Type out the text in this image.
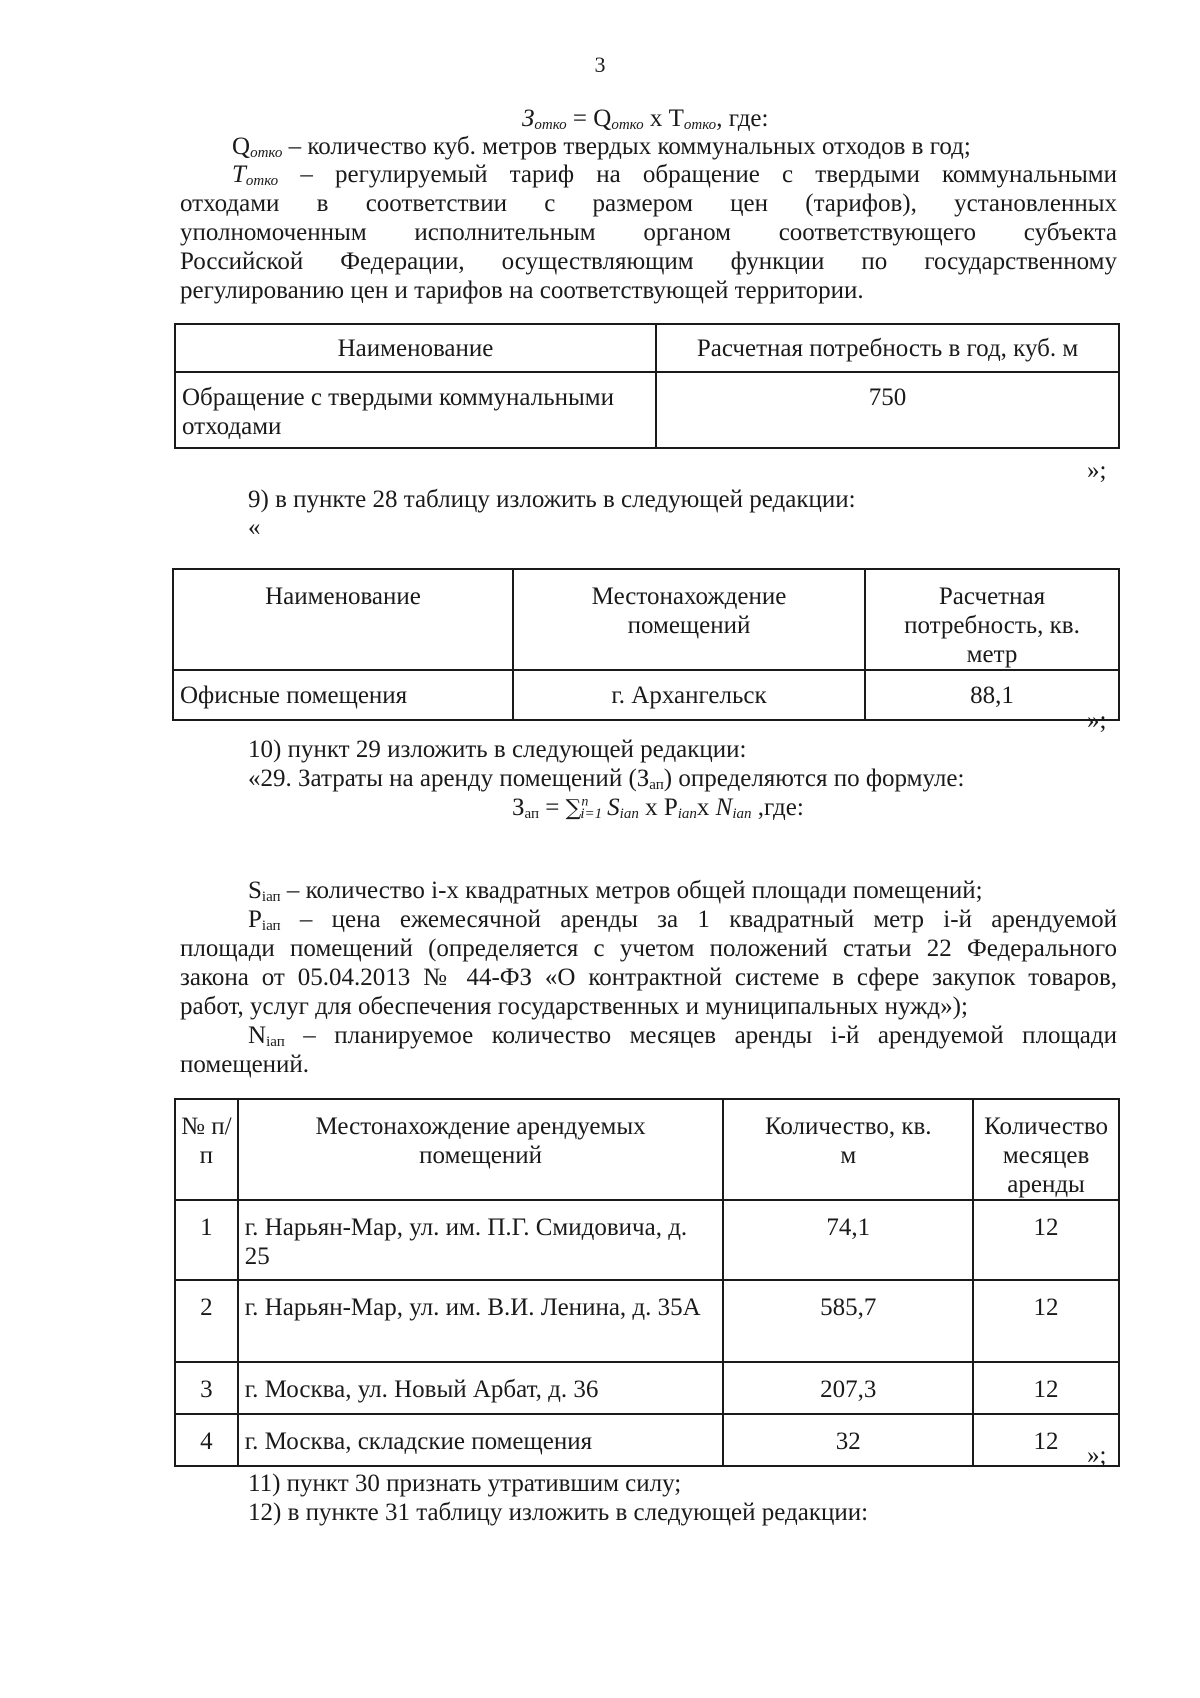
3
$З_{отко} = Q_{отко}$ х $Т_{отко}$, где:
$Q_{отко}$ – количество куб. метров твердых коммунальных отходов в год;
$Т_{отко}$ – регулируемый тариф на обращение с твердыми коммунальными
отходами в соответствии с размером цен (тарифов), установленных
уполномоченным исполнительным органом соответствующего субъекта
Российской Федерации, осуществляющим функции по государственному
регулированию цен и тарифов на соответствующей территории.
Наименование	Расчетная потребность в год, куб. м
Обращение с твердыми коммунальными отходами	750
»;
9) в пункте 28 таблицу изложить в следующей редакции:
«
Наименование	Местонахождение помещений	Расчетная потребность, кв. метр
Офисные помещения	г. Архангельск	88,1
»;
10) пункт 29 изложить в следующей редакции:
«29. Затраты на аренду помещений $(З_{ап})$ определяются по формуле:
$З_{ап} = \sum^n_{i=1}$ $S_{iап}$ х $P_{iап}х$ $N_{iап}$ ,где:
$S_{iап}$ – количество i-х квадратных метров общей площади помещений;
$P_{iап}$ – цена ежемесячной аренды за 1 квадратный метр i-й арендуемой
площади помещений (определяется с учетом положений статьи 22 Федерального
закона от 05.04.2013 № 44-ФЗ «О контрактной системе в сфере закупок товаров,
работ, услуг для обеспечения государственных и муниципальных нужд»);
$N_{iап}$ – планируемое количество месяцев аренды i-й арендуемой площади
помещений.
№ п/п	Местонахождение арендуемых помещений	Количество, кв. м	Количество месяцев аренды
1	г. Нарьян-Мар, ул. им. П.Г. Смидовича, д. 25	74,1	12
2	г. Нарьян-Мар, ул. им. В.И. Ленина, д. 35А	585,7	12
3	г. Москва, ул. Новый Арбат, д. 36	207,3	12
4	г. Москва, складские помещения	32	12
»;
11) пункт 30 признать утратившим силу;
12) в пункте 31 таблицу изложить в следующей редакции:
